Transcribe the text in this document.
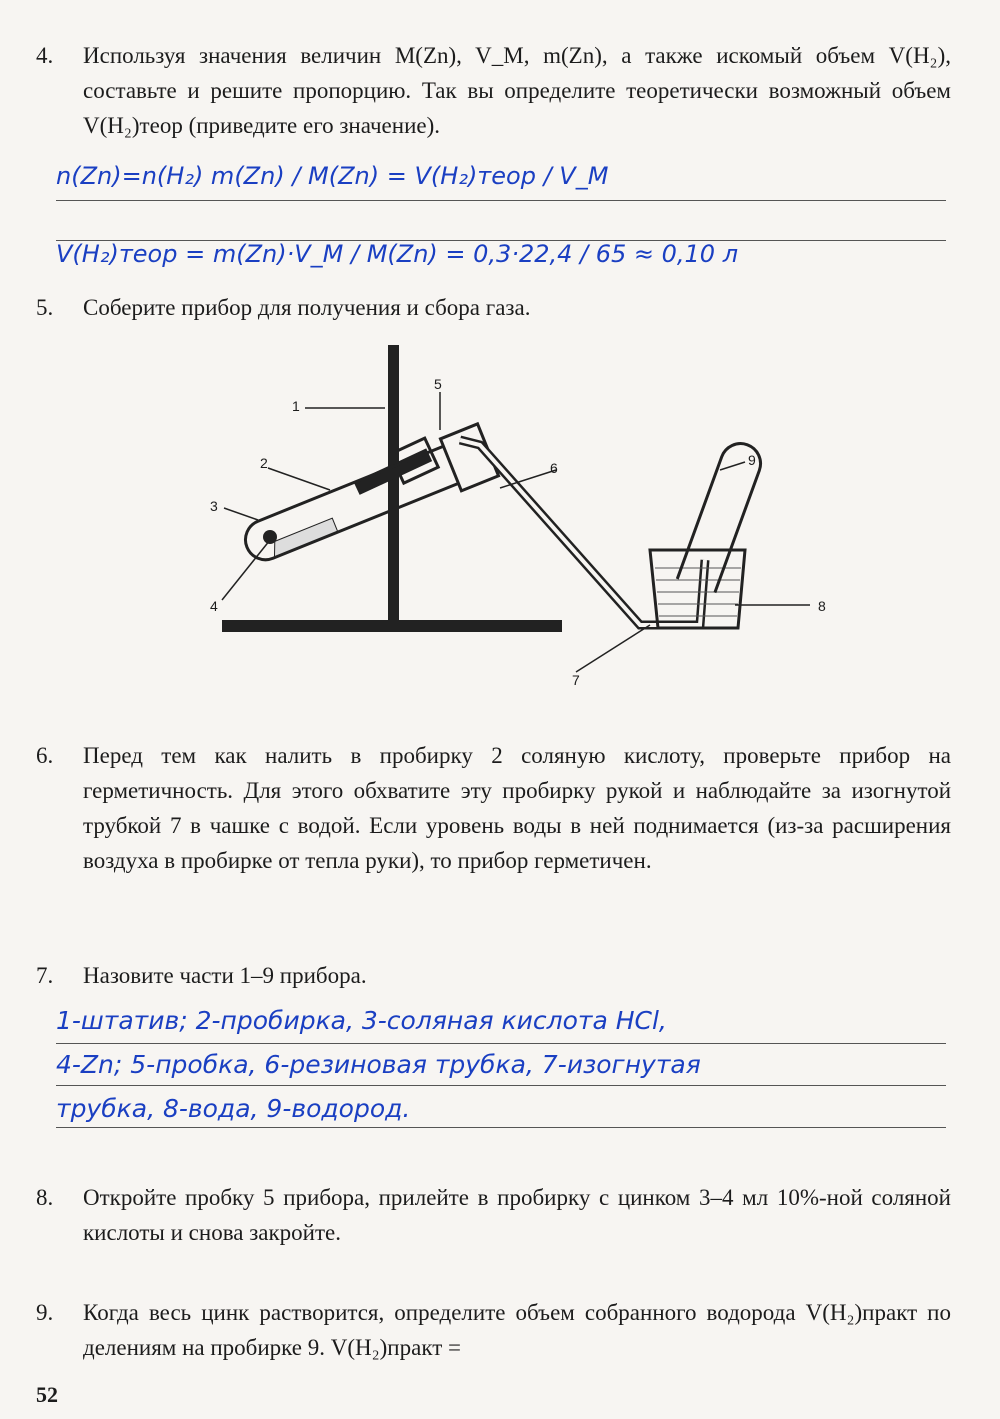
4. Используя значения величин M(Zn), V_M, m(Zn), а также искомый объем V(H₂), составьте и решите пропорцию. Так вы определите теоретически возможный объем V(H₂)теор (приведите его значение).
n(Zn)=n(H₂) m(Zn) / M(Zn) = V(H₂)теор / V_M
V(H₂)теор = m(Zn)·V_M / M(Zn) = 0,3·22,4 / 65 ≈ 0,10 л
5. Соберите прибор для получения и сбора газа.
1
2
3
4
5
6
7
8
9
6. Перед тем как налить в пробирку 2 соляную кислоту, проверьте прибор на герметичность. Для этого обхватите эту пробирку рукой и наблюдайте за изогнутой трубкой 7 в чашке с водой. Если уровень воды в ней поднимается (из-за расширения воздуха в пробирке от тепла руки), то прибор герметичен.
7. Назовите части 1–9 прибора.
1-штатив; 2-пробирка, 3-соляная кислота HCl,
4-Zn; 5-пробка, 6-резиновая трубка, 7-изогнутая
трубка, 8-вода, 9-водород.
8. Откройте пробку 5 прибора, прилейте в пробирку с цинком 3–4 мл 10%-ной соляной кислоты и снова закройте.
9. Когда весь цинк растворится, определите объем собранного водорода V(H₂)практ по делениям на пробирке 9. V(H₂)практ =
52
